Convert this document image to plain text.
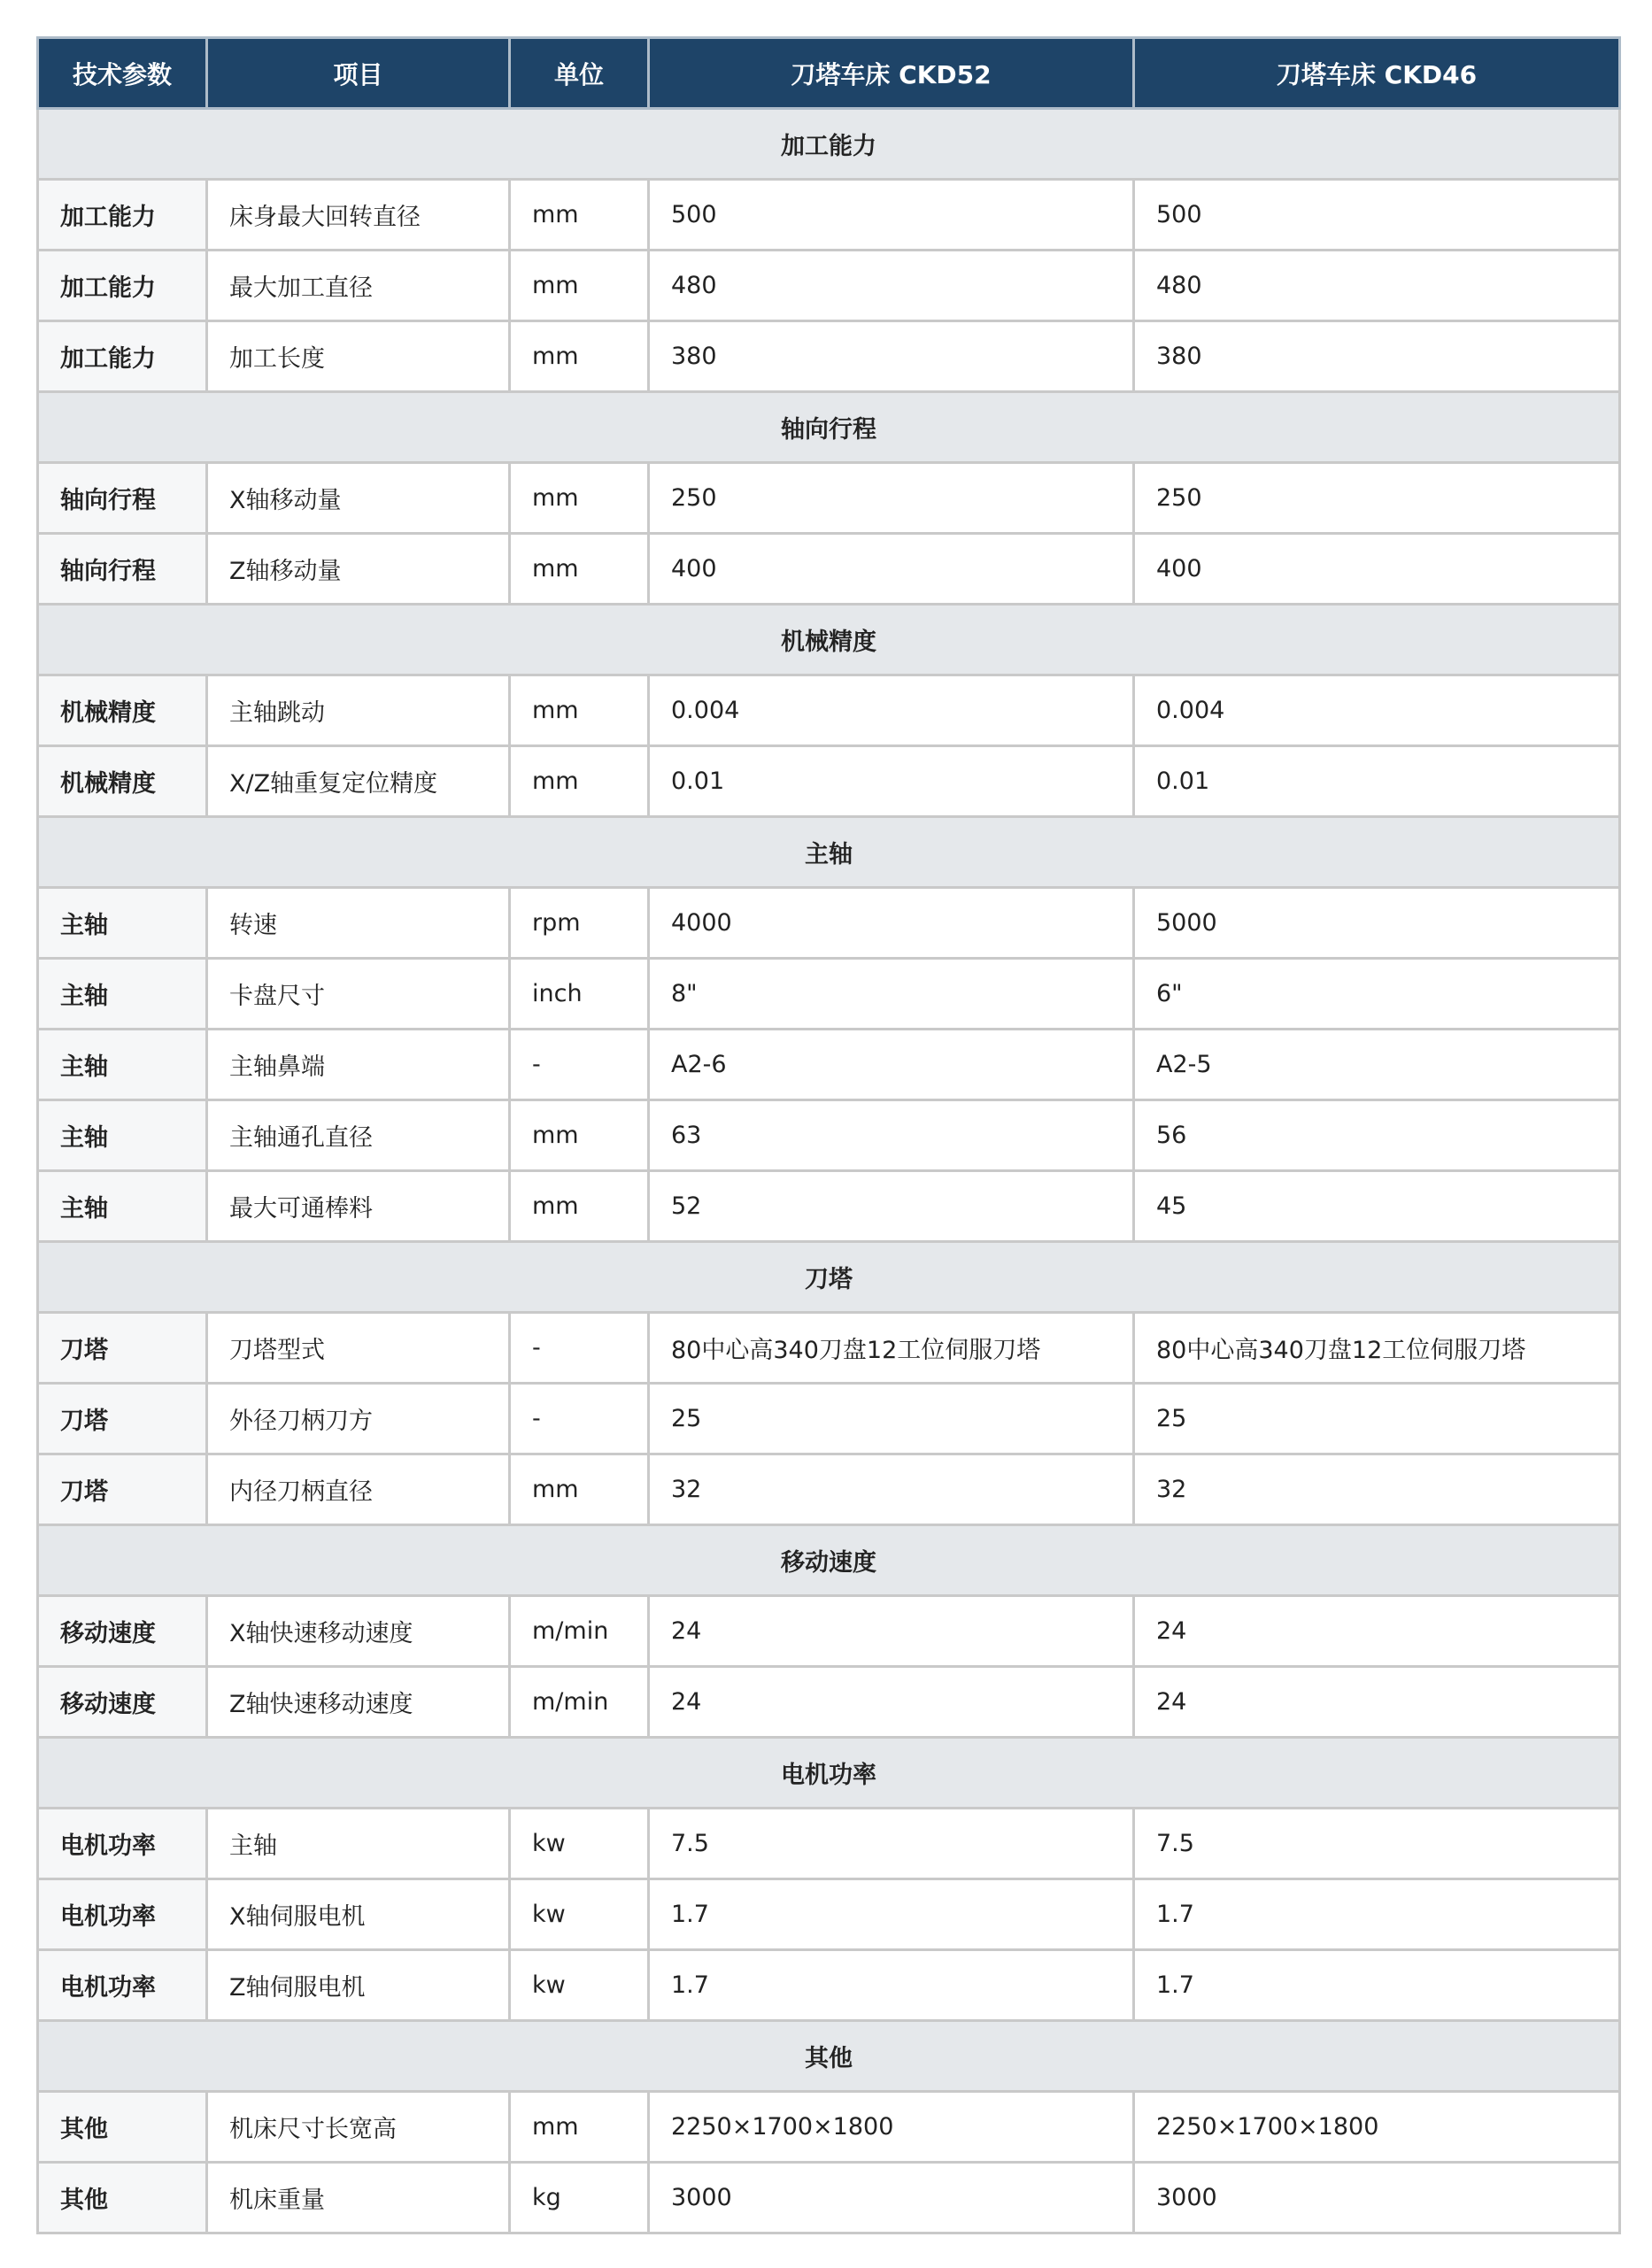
技术参数	项目	单位	刀塔车床 CKD52	刀塔车床 CKD46
加工能力				
加工能力	床身最大回转直径	mm	500	500
加工能力	最大加工直径	mm	480	480
加工能力	加工长度	mm	380	380
轴向行程				
轴向行程	X轴移动量	mm	250	250
轴向行程	Z轴移动量	mm	400	400
机械精度				
机械精度	主轴跳动	mm	0.004	0.004
机械精度	X/Z轴重复定位精度	mm	0.01	0.01
主轴				
主轴	转速	rpm	4000	5000
主轴	卡盘尺寸	inch	8"	6"
主轴	主轴鼻端	-	A2-6	A2-5
主轴	主轴通孔直径	mm	63	56
主轴	最大可通棒料	mm	52	45
刀塔				
刀塔	刀塔型式	-	80中心高340刀盘12工位伺服刀塔	80中心高340刀盘12工位伺服刀塔
刀塔	外径刀柄刀方	-	25	25
刀塔	内径刀柄直径	mm	32	32
移动速度				
移动速度	X轴快速移动速度	m/min	24	24
移动速度	Z轴快速移动速度	m/min	24	24
电机功率				
电机功率	主轴	kw	7.5	7.5
电机功率	X轴伺服电机	kw	1.7	1.7
电机功率	Z轴伺服电机	kw	1.7	1.7
其他				
其他	机床尺寸长宽高	mm	2250×1700×1800	2250×1700×1800
其他	机床重量	kg	3000	3000
